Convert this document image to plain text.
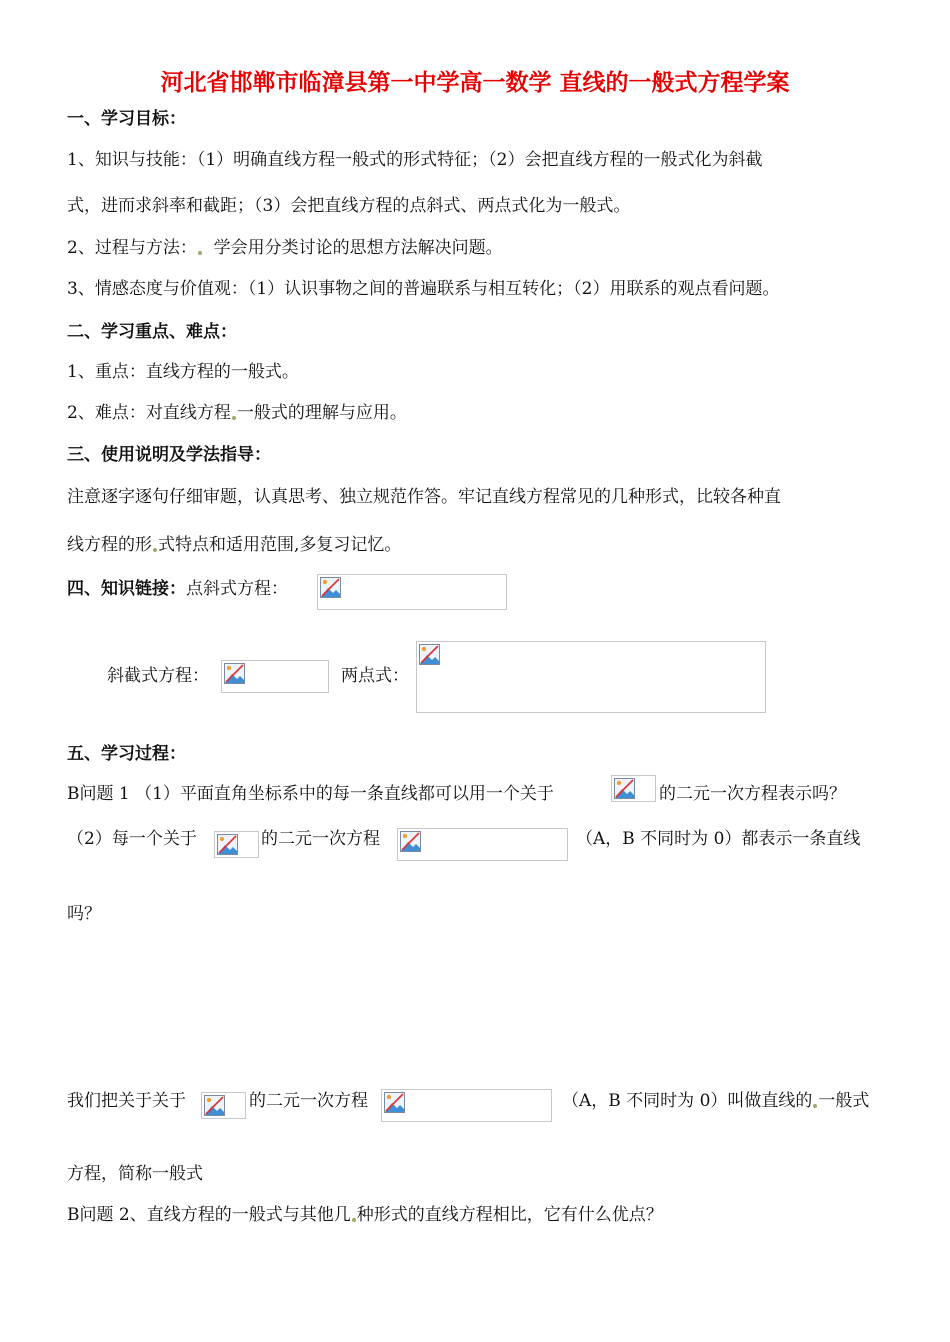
河北省邯郸市临漳县第一中学高一数学 直线的一般式方程学案
一、学习目标：
1、知识与技能：（1）明确直线方程一般式的形式特征；（2）会把直线方程的一般式化为斜截
式，进而求斜率和截距；（3）会把直线方程的点斜式、两点式化为一般式。
2、过程与方法： 学会用分类讨论的思想方法解决问题。
3、情感态度与价值观：（1）认识事物之间的普遍联系与相互转化；（2）用联系的观点看问题。
二、学习重点、难点：
1、重点：直线方程的一般式。
2、难点：对直线方程 一般式的理解与应用。
三、使用说明及学法指导：
注意逐字逐句仔细审题，认真思考、独立规范作答。牢记直线方程常见的几种形式，比较各种直
线方程的形 式特点和适用范围,多复习记忆。
四、知识链接：点斜式方程：
斜截式方程：	两点式：
五、学习过程：
B问题 1 （1）平面直角坐标系中的每一条直线都可以用一个关于	的二元一次方程表示吗？
（2）每一个关于	的二元一次方程	（A，B 不同时为 0）都表示一条直线
吗？
我们把关于关于	的二元一次方程	（A，B 不同时为 0）叫做直线的 一般式
方程，简称一般式
B问题 2、直线方程的一般式与其他几 种形式的直线方程相比，它有什么优点？
